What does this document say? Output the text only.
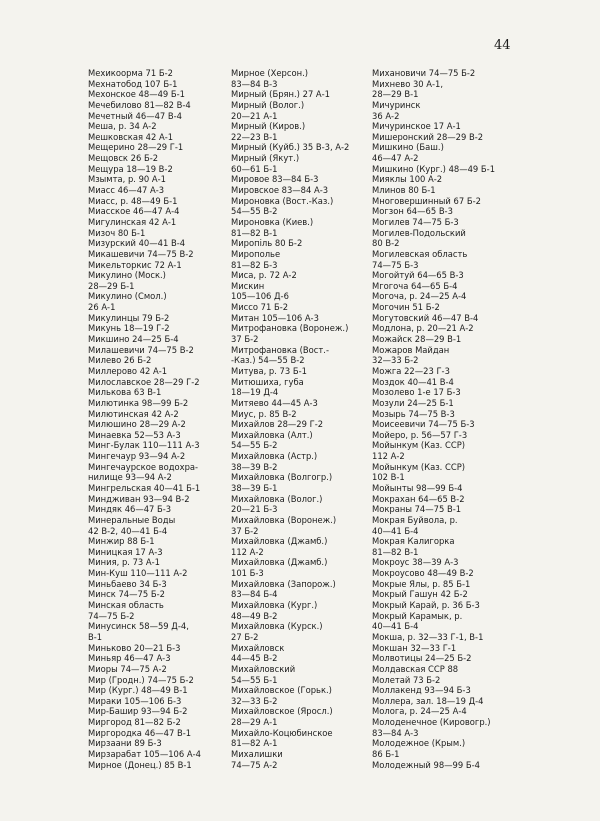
44
Мехикоорма 71 Б-2
Мехнатобод 107 Б-1
Мехонское 48—49 Б-1
Мечебилово 81—82 В-4
Мечетный 46—47 В-4
Меша, р. 34 А-2
Мешковская 42 А-1
Мещерино 28—29 Г-1
Мещовск 26 Б-2
Мещура 18—19 В-2
Мзымта, р. 90 А-1
Миасс 46—47 А-3
Миасс, р. 48—49 Б-1
Миасское 46—47 А-4
Мигулинская 42 А-1
Мизоч 80 Б-1
Мизурский 40—41 В-4
Микашевичи 74—75 В-2
Микельторкис 72 А-1
Микулино (Моск.)
28—29 Б-1
Микулино (Смол.)
26 А-1
Микулинцы 79 Б-2
Микунь 18—19 Г-2
Микшино 24—25 Б-4
Милашевичи 74—75 В-2
Милево 26 Б-2
Миллерово 42 А-1
Милославское 28—29 Г-2
Милькова 63 В-1
Милютинка 98—99 Б-2
Милютинская 42 А-2
Милюшино 28—29 А-2
Минаевка 52—53 А-3
Минг-Булак 110—111 А-3
Мингечаур 93—94 А-2
Мингечаурское водохра-
нилище 93—94 А-2
Мингрельская 40—41 Б-1
Миндживан 93—94 В-2
Миндяк 46—47 Б-3
Минеральные Воды
42 В-2, 40—41 Б-4
Минжир 88 Б-1
Миницкая 17 А-3
Миния, р. 73 А-1
Мин-Куш 110—111 А-2
Миньбаево 34 Б-3
Минск 74—75 Б-2
Минская область
74—75 Б-2
Минусинск 58—59 Д-4,
В-1
Миньково 20—21 Б-3
Миньяр 46—47 А-3
Миоры 74—75 А-2
Мир (Гродн.) 74—75 Б-2
Мир (Кург.) 48—49 В-1
Мираки 105—106 Б-3
Мир-Башир 93—94 Б-2
Миргород 81—82 Б-2
Миргородка 46—47 В-1
Мирзаани 89 Б-3
Мирзарабат 105—106 А-4
Мирное (Донец.) 85 В-1
Мирное (Херсон.)
83—84 В-3
Мирный (Брян.) 27 А-1
Мирный (Волог.)
20—21 А-1
Мирный (Киров.)
22—23 В-1
Мирный (Куйб.) 35 В-3, А-2
Мирный (Якут.)
60—61 Б-1
Мировое 83—84 Б-3
Мировское 83—84 А-3
Мироновка (Вост.-Каз.)
54—55 В-2
Мироновка (Киев.)
81—82 В-1
Миропіль 80 Б-2
Мирополье
81—82 Б-3
Миса, р. 72 А-2
Мискин
105—106 Д-6
Миссо 71 Б-2
Митан 105—106 А-3
Митрофановка (Воронеж.)
37 Б-2
Митрофановка (Вост.-
-Каз.) 54—55 В-2
Митува, р. 73 Б-1
Митюшиха, губа
18—19 Д-4
Митяево 44—45 А-3
Миус, р. 85 В-2
Михайлов 28—29 Г-2
Михайловка (Алт.)
54—55 Б-2
Михайловка (Астр.)
38—39 В-2
Михайловка (Волгогр.)
38—39 Б-1
Михайловка (Волог.)
20—21 Б-3
Михайловка (Воронеж.)
37 Б-2
Михайловка (Джамб.)
112 А-2
Михайловка (Джамб.)
101 Б-3
Михайловка (Запорож.)
83—84 Б-4
Михайловка (Кург.)
48—49 В-2
Михайловка (Курск.)
27 Б-2
Михайловск
44—45 В-2
Михайловский
54—55 Б-1
Михайловское (Горьк.)
32—33 Б-2
Михайловское (Яросл.)
28—29 А-1
Михайло-Коцюбинское
81—82 А-1
Михалишки
74—75 А-2
Михановичи 74—75 Б-2
Михнево 30 А-1,
28—29 В-1
Мичуринск
36 А-2
Мичуринское 17 А-1
Мишеронский 28—29 В-2
Мишкино (Баш.)
46—47 А-2
Мишкино (Кург.) 48—49 Б-1
Мияклы 100 А-2
Млинов 80 Б-1
Многовершинный 67 Б-2
Могзон 64—65 В-3
Могилев 74—75 Б-3
Могилев-Подольский
80 В-2
Могилевская область
74—75 Б-3
Могойтуй 64—65 В-3
Мгогоча 64—65 Б-4
Могоча, р. 24—25 А-4
Могочин 51 Б-2
Могутовский 46—47 В-4
Модлона, р. 20—21 А-2
Можайск 28—29 В-1
Можаров Майдан
32—33 Б-2
Можга 22—23 Г-3
Моздок 40—41 В-4
Мозолево 1-е 17 Б-3
Мозули 24—25 Б-1
Мозырь 74—75 В-3
Моисеевичи 74—75 Б-3
Мойеро, р. 56—57 Г-3
Мойынкум (Каз. ССР)
112 А-2
Мойынкум (Каз. ССР)
102 В-1
Мойынты 98—99 Б-4
Мокрахан 64—65 В-2
Мокраны 74—75 В-1
Мокрая Буйвола, р.
40—41 Б-4
Мокрая Калигорка
81—82 В-1
Мокроус 38—39 А-3
Мокроусово 48—49 В-2
Мокрые Ялы, р. 85 Б-1
Мокрый Гашун 42 Б-2
Мокрый Карай, р. 36 Б-3
Мокрый Карамык, р.
40—41 Б-4
Мокша, р. 32—33 Г-1, В-1
Мокшан 32—33 Г-1
Молвотицы 24—25 Б-2
Молдавская ССР 88
Молетай 73 Б-2
Моллакенд 93—94 Б-3
Моллера, зал. 18—19 Д-4
Молога, р. 24—25 А-4
Молоденечное (Кировогр.)
83—84 А-3
Молодежное (Крым.)
86 Б-1
Молодежный 98—99 Б-4
